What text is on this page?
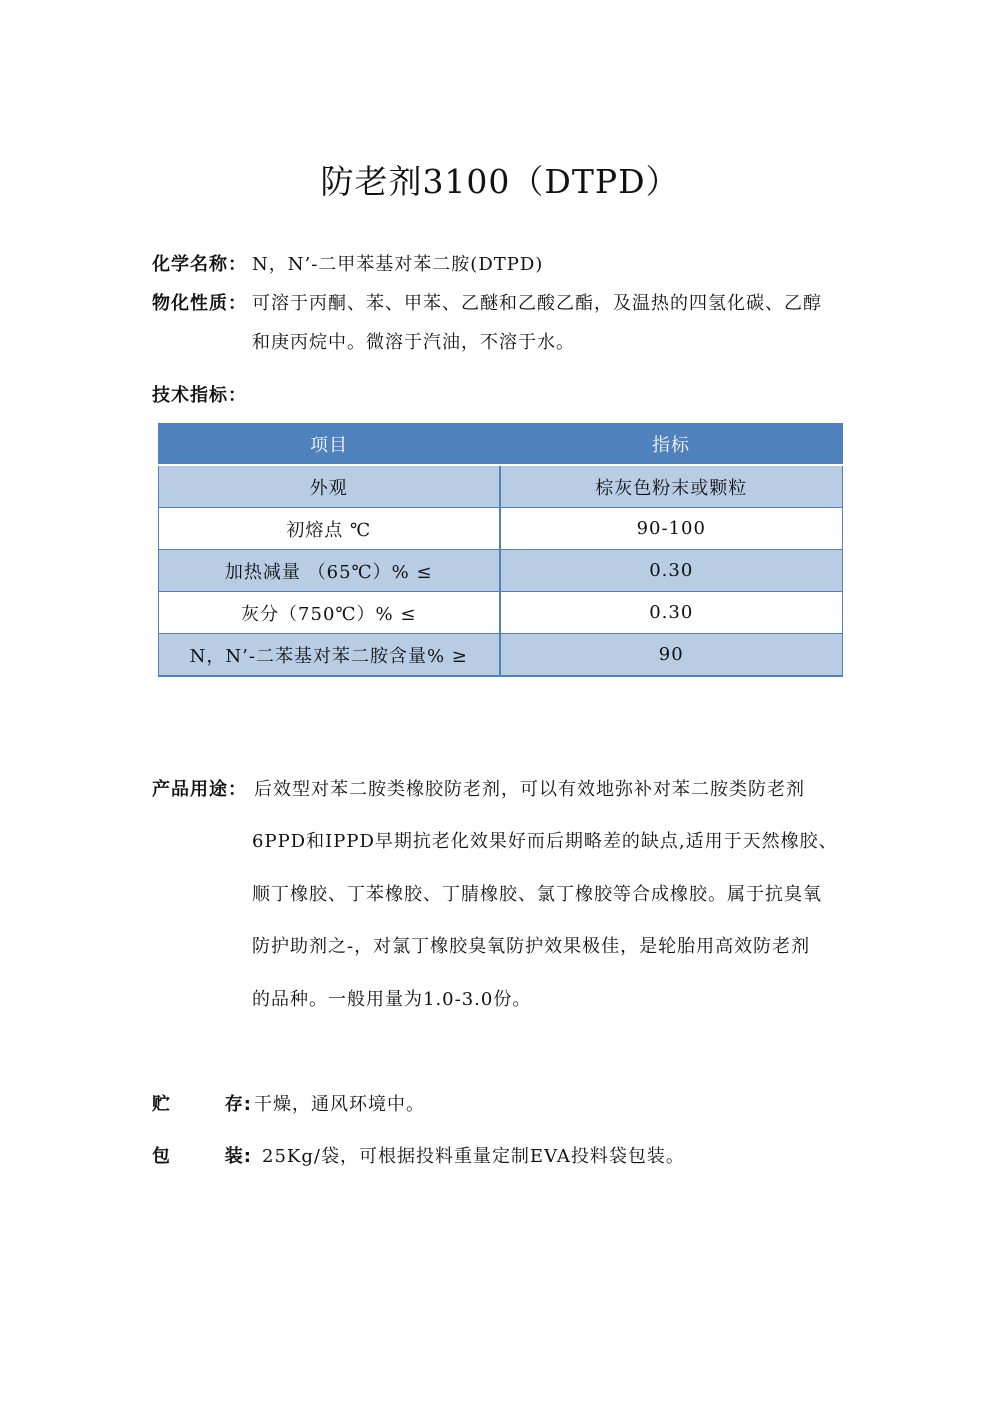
防老剂3100（DTPD）
化学名称： N，N’-二甲苯基对苯二胺(DTPD)
物化性质： 可溶于丙酮、苯、甲苯、乙醚和乙酸乙酯，及温热的四氢化碳、乙醇
和庚丙烷中。微溶于汽油，不溶于水。
技术指标：
项目	指标
外观	棕灰色粉末或颗粒
初熔点 ℃	90-100
加热减量 （65℃）% ≤	0.30
灰分（750℃）% ≤	0.30
N，N’-二苯基对苯二胺含量% ≥	90
产品用途： 后效型对苯二胺类橡胶防老剂，可以有效地弥补对苯二胺类防老剂
6PPD和IPPD早期抗老化效果好而后期略差的缺点,适用于天然橡胶、
顺丁橡胶、丁苯橡胶、丁腈橡胶、氯丁橡胶等合成橡胶。属于抗臭氧
防护助剂之-，对氯丁橡胶臭氧防护效果极佳，是轮胎用高效防老剂
的品种。一般用量为1.0-3.0份。
贮	存 : 干燥，通风环境中。
包	装 :	25Kg/袋，可根据投料重量定制EVA投料袋包装。
